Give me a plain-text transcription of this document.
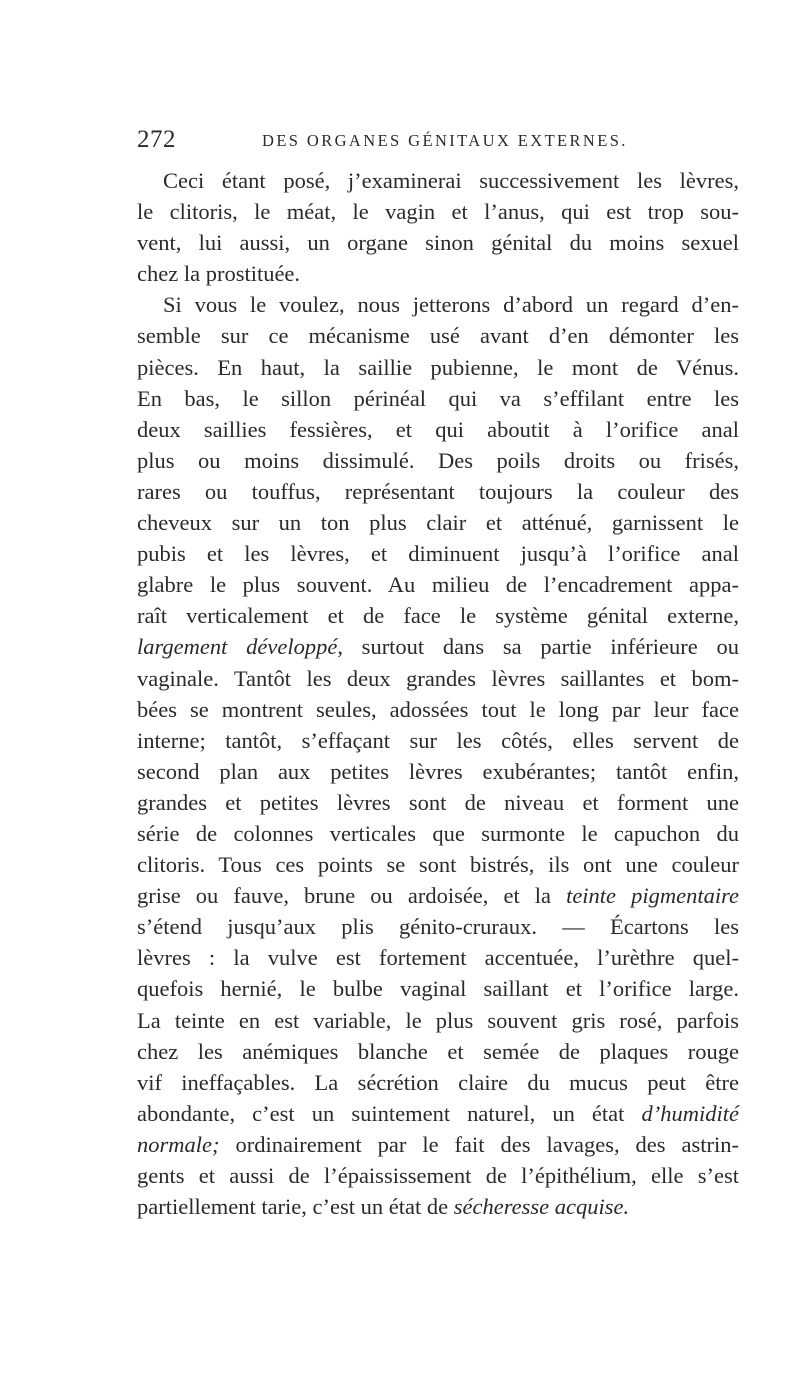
272	DES ORGANES GÉNITAUX EXTERNES.
Ceci étant posé, j’examinerai successivement les lèvres,
le clitoris, le méat, le vagin et l’anus, qui est trop sou-
vent, lui aussi, un organe sinon génital du moins sexuel
chez la prostituée.
Si vous le voulez, nous jetterons d’abord un regard d’en-
semble sur ce mécanisme usé avant d’en démonter les
pièces. En haut, la saillie pubienne, le mont de Vénus.
En bas, le sillon périnéal qui va s’effilant entre les
deux saillies fessières, et qui aboutit à l’orifice anal
plus ou moins dissimulé. Des poils droits ou frisés,
rares ou touffus, représentant toujours la couleur des
cheveux sur un ton plus clair et atténué, garnissent le
pubis et les lèvres, et diminuent jusqu’à l’orifice anal
glabre le plus souvent. Au milieu de l’encadrement appa-
raît verticalement et de face le système génital externe,
largement développé, surtout dans sa partie inférieure ou
vaginale. Tantôt les deux grandes lèvres saillantes et bom-
bées se montrent seules, adossées tout le long par leur face
interne; tantôt, s’effaçant sur les côtés, elles servent de
second plan aux petites lèvres exubérantes; tantôt enfin,
grandes et petites lèvres sont de niveau et forment une
série de colonnes verticales que surmonte le capuchon du
clitoris. Tous ces points se sont bistrés, ils ont une couleur
grise ou fauve, brune ou ardoisée, et la teinte pigmentaire
s’étend jusqu’aux plis génito-cruraux. — Écartons les
lèvres : la vulve est fortement accentuée, l’urèthre quel-
quefois hernié, le bulbe vaginal saillant et l’orifice large.
La teinte en est variable, le plus souvent gris rosé, parfois
chez les anémiques blanche et semée de plaques rouge
vif ineffaçables. La sécrétion claire du mucus peut être
abondante, c’est un suintement naturel, un état d’humidité
normale; ordinairement par le fait des lavages, des astrin-
gents et aussi de l’épaississement de l’épithélium, elle s’est
partiellement tarie, c’est un état de sécheresse acquise.
